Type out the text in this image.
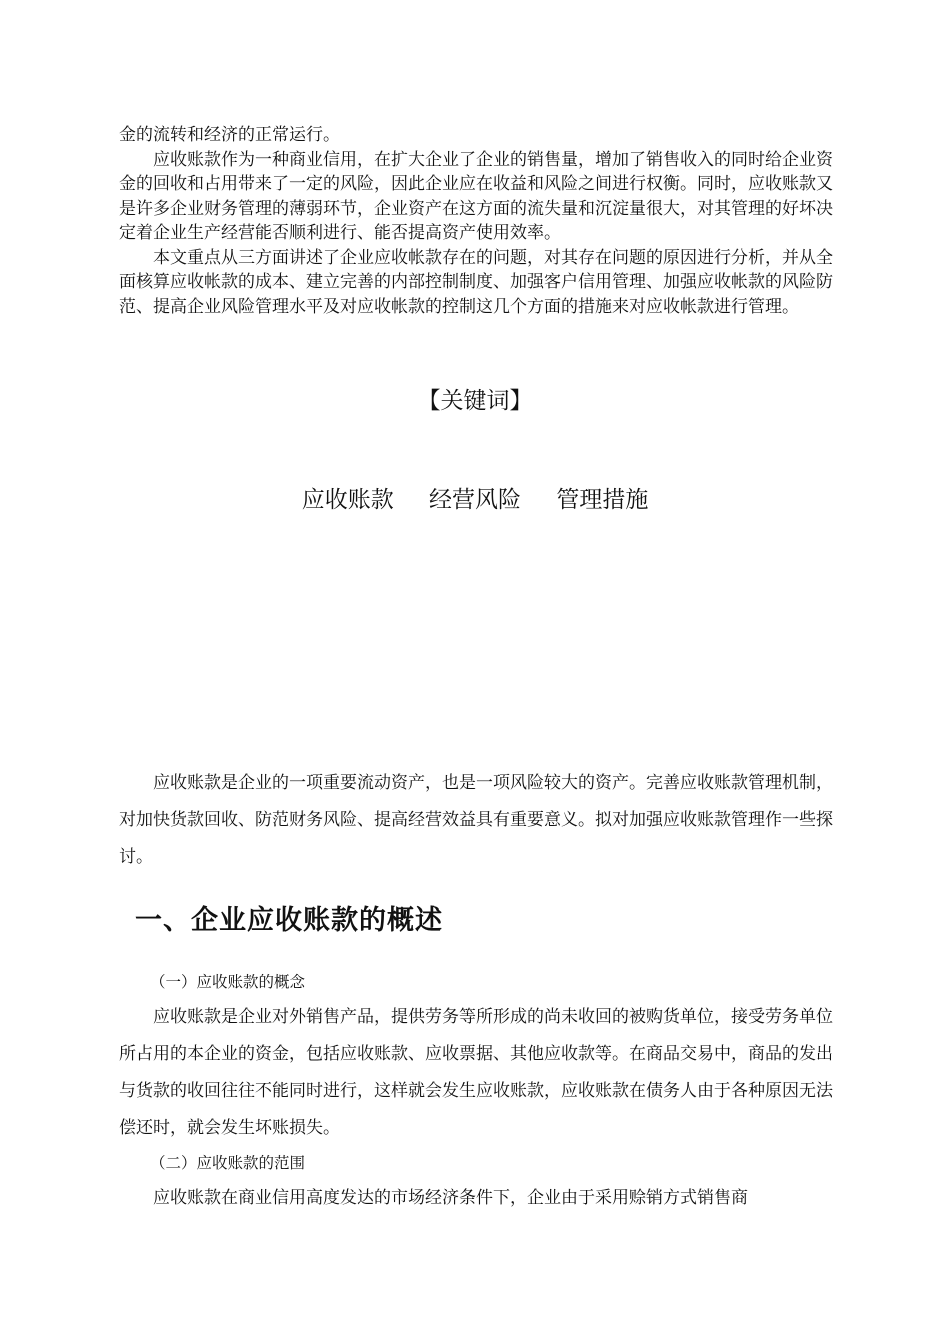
金的流转和经济的正常运行。

应收账款作为一种商业信用，在扩大企业了企业的销售量，增加了销售收入的同时给企业资金的回收和占用带来了一定的风险，因此企业应在收益和风险之间进行权衡。同时，应收账款又是许多企业财务管理的薄弱环节，企业资产在这方面的流失量和沉淀量很大，对其管理的好坏决定着企业生产经营能否顺利进行、能否提高资产使用效率。

本文重点从三方面讲述了企业应收帐款存在的问题，对其存在问题的原因进行分析，并从全面核算应收帐款的成本、建立完善的内部控制制度、加强客户信用管理、加强应收帐款的风险防范、提高企业风险管理水平及对应收帐款的控制这几个方面的措施来对应收帐款进行管理。

【关键词】
应收账款 经营风险 管理措施

应收账款是企业的一项重要流动资产，也是一项风险较大的资产。完善应收账款管理机制，对加快货款回收、防范财务风险、提高经营效益具有重要意义。拟对加强应收账款管理作一些探讨。

一、企业应收账款的概述

（一）应收账款的概念

应收账款是企业对外销售产品，提供劳务等所形成的尚未收回的被购货单位，接受劳务单位所占用的本企业的资金，包括应收账款、应收票据、其他应收款等。在商品交易中，商品的发出与货款的收回往往不能同时进行，这样就会发生应收账款，应收账款在债务人由于各种原因无法偿还时，就会发生坏账损失。

（二）应收账款的范围

应收账款在商业信用高度发达的市场经济条件下，企业由于采用赊销方式销售商
